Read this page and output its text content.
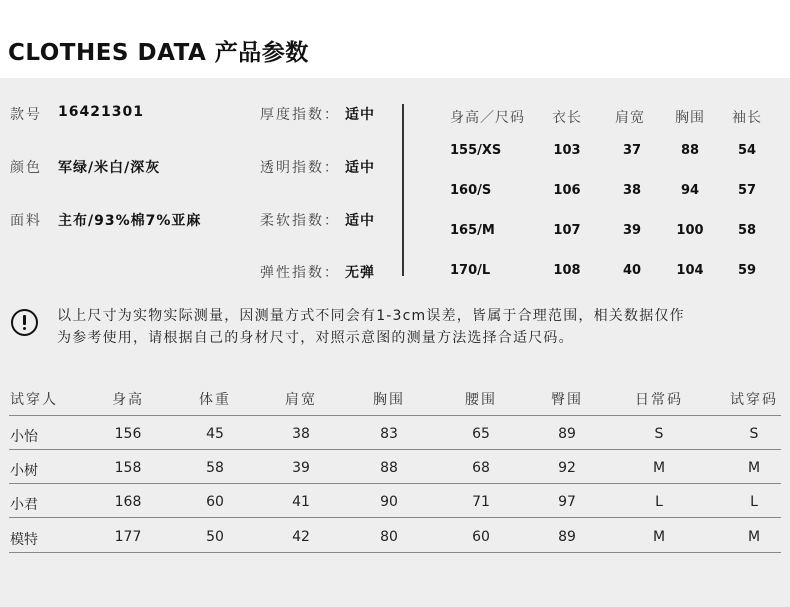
CLOTHES DATA 产品参数
款号 16421301
颜色 军绿/米白/深灰
面料 主布/93%棉7%亚麻
厚度指数： 适中
透明指数： 适中
柔软指数： 适中
弹性指数： 无弹
身高／尺码 衣长 肩宽 胸围 袖长
155/XS	103	37	88	54
160/S	106	38	94	57
165/M	107	39	100	58
170/L	108	40	104	59
以上尺寸为实物实际测量，因测量方式不同会有1-3cm误差，皆属于合理范围，相关数据仅作
为参考使用，请根据自己的身材尺寸，对照示意图的测量方法选择合适尺码。
试穿人	身高	体重	肩宽	胸围	腰围	臀围	日常码	试穿码
小怡	156	45	38	83	65	89	S	S
小树	158	58	39	88	68	92	M	M
小君	168	60	41	90	71	97	L	L
模特	177	50	42	80	60	89	M	M
